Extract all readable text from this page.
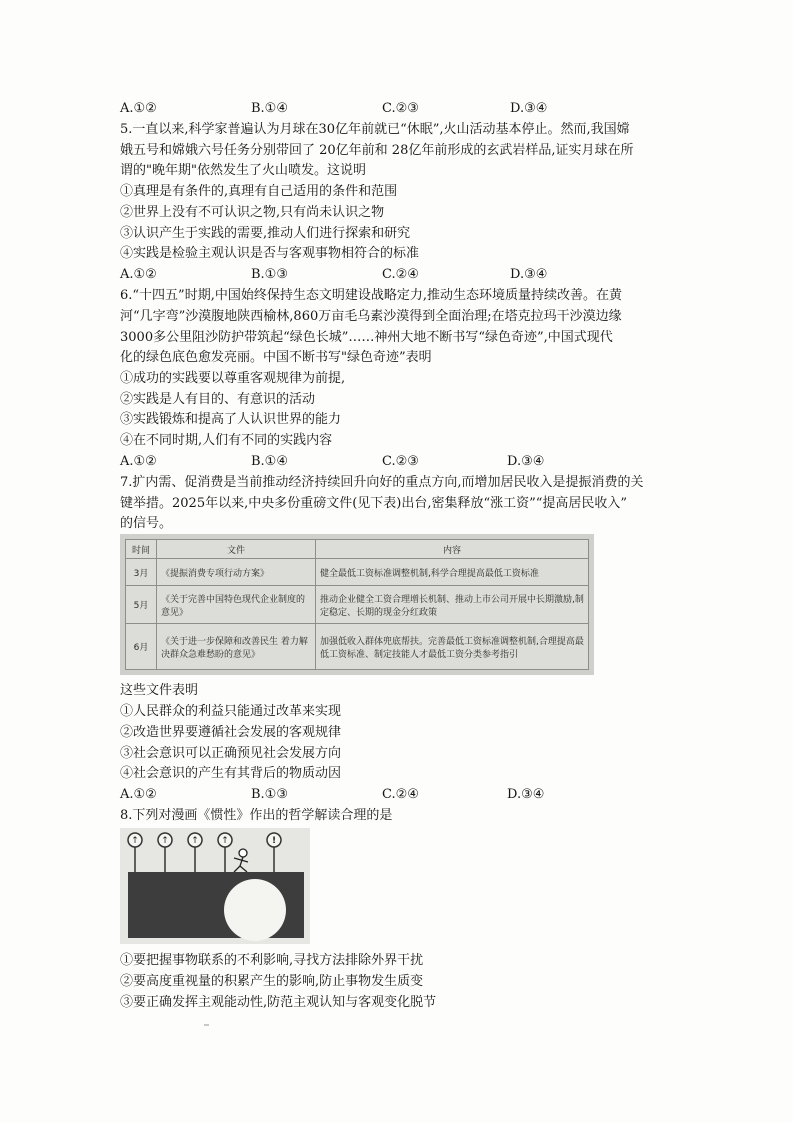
A.①②	B.①④	C.②③	D.③④
5.一直以来,科学家普遍认为月球在30亿年前就已“休眠”,火山活动基本停止。然而,我国嫦
娥五号和嫦娥六号任务分别带回了 20亿年前和 28亿年前形成的玄武岩样品,证实月球在所
谓的"晚年期"依然发生了火山喷发。这说明
①真理是有条件的,真理有自己适用的条件和范围
②世界上没有不可认识之物,只有尚未认识之物
③认识产生于实践的需要,推动人们进行探索和研究
④实践是检验主观认识是否与客观事物相符合的标准
A.①②	B.①③	C.②④	D.③④
6.“十四五”时期,中国始终保持生态文明建设战略定力,推动生态环境质量持续改善。在黄
河“几字弯”沙漠腹地陕西榆林,860万亩毛乌素沙漠得到全面治理;在塔克拉玛干沙漠边缘
3000多公里阻沙防护带筑起“绿色长城”……神州大地不断书写“绿色奇迹”,中国式现代
化的绿色底色愈发亮丽。中国不断书写"绿色奇迹”表明
①成功的实践要以尊重客观规律为前提,
②实践是人有目的、有意识的活动
③实践锻炼和提高了人认识世界的能力
④在不同时期,人们有不同的实践内容
A.①②	B.①④	C.②③	D.③④
7.扩内需、促消费是当前推动经济持续回升向好的重点方向,而增加居民收入是提振消费的关
键举措。2025年以来,中央多份重磅文件(见下表)出台,密集释放“涨工资”“提高居民收入”
的信号。
时间	文件	内容
3月	《提振消费专项行动方案》	健全最低工资标准调整机制,科学合理提高最低工资标准
5月	《关于完善中国特色现代企业制度的意见》	推动企业健全工资合理增长机制、推动上市公司开展中长期激励,制定稳定、长期的现金分红政策
6月	《关于进一步保障和改善民生 着力解决群众急难愁盼的意见》	加强低收入群体兜底帮扶。完善最低工资标准调整机制,合理提高最低工资标准、制定技能人才最低工资分类参考指引
这些文件表明
①人民群众的利益只能通过改革来实现
②改造世界要遵循社会发展的客观规律
③社会意识可以正确预见社会发展方向
④社会意识的产生有其背后的物质动因
A.①②	B.①③	C.②④	D.③④
8.下列对漫画《惯性》作出的哲学解读合理的是
↑ ↑ ↑ ↑	!
①要把握事物联系的不利影响,寻找方法排除外界干扰
②要高度重视量的积累产生的影响,防止事物发生质变
③要正确发挥主观能动性,防范主观认知与客观变化脱节
